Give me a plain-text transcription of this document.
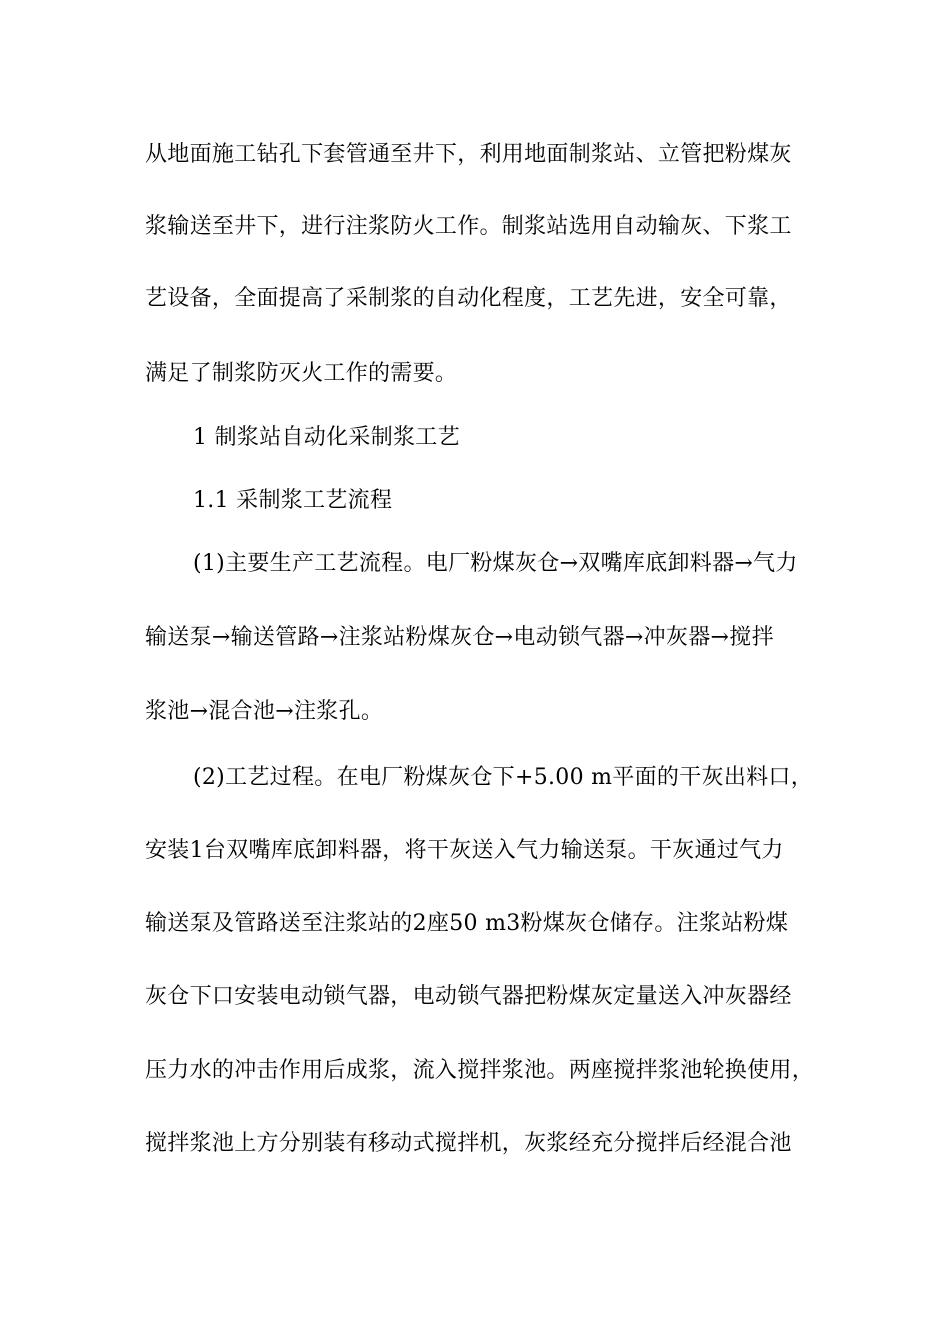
从地面施工钻孔下套管通至井下，利用地面制浆站、立管把粉煤灰
浆输送至井下，进行注浆防火工作。制浆站选用自动输灰、下浆工
艺设备，全面提高了采制浆的自动化程度，工艺先进，安全可靠，
满足了制浆防灭火工作的需要。
1 制浆站自动化采制浆工艺
1.1 采制浆工艺流程
(1)主要生产工艺流程。电厂粉煤灰仓→双嘴库底卸料器→气力
输送泵→输送管路→注浆站粉煤灰仓→电动锁气器→冲灰器→搅拌
浆池→混合池→注浆孔。
(2)工艺过程。在电厂粉煤灰仓下+5.00 m平面的干灰出料口，
安装1台双嘴库底卸料器，将干灰送入气力输送泵。干灰通过气力
输送泵及管路送至注浆站的2座50 m3粉煤灰仓储存。注浆站粉煤
灰仓下口安装电动锁气器，电动锁气器把粉煤灰定量送入冲灰器经
压力水的冲击作用后成浆，流入搅拌浆池。两座搅拌浆池轮换使用，
搅拌浆池上方分别装有移动式搅拌机，灰浆经充分搅拌后经混合池
